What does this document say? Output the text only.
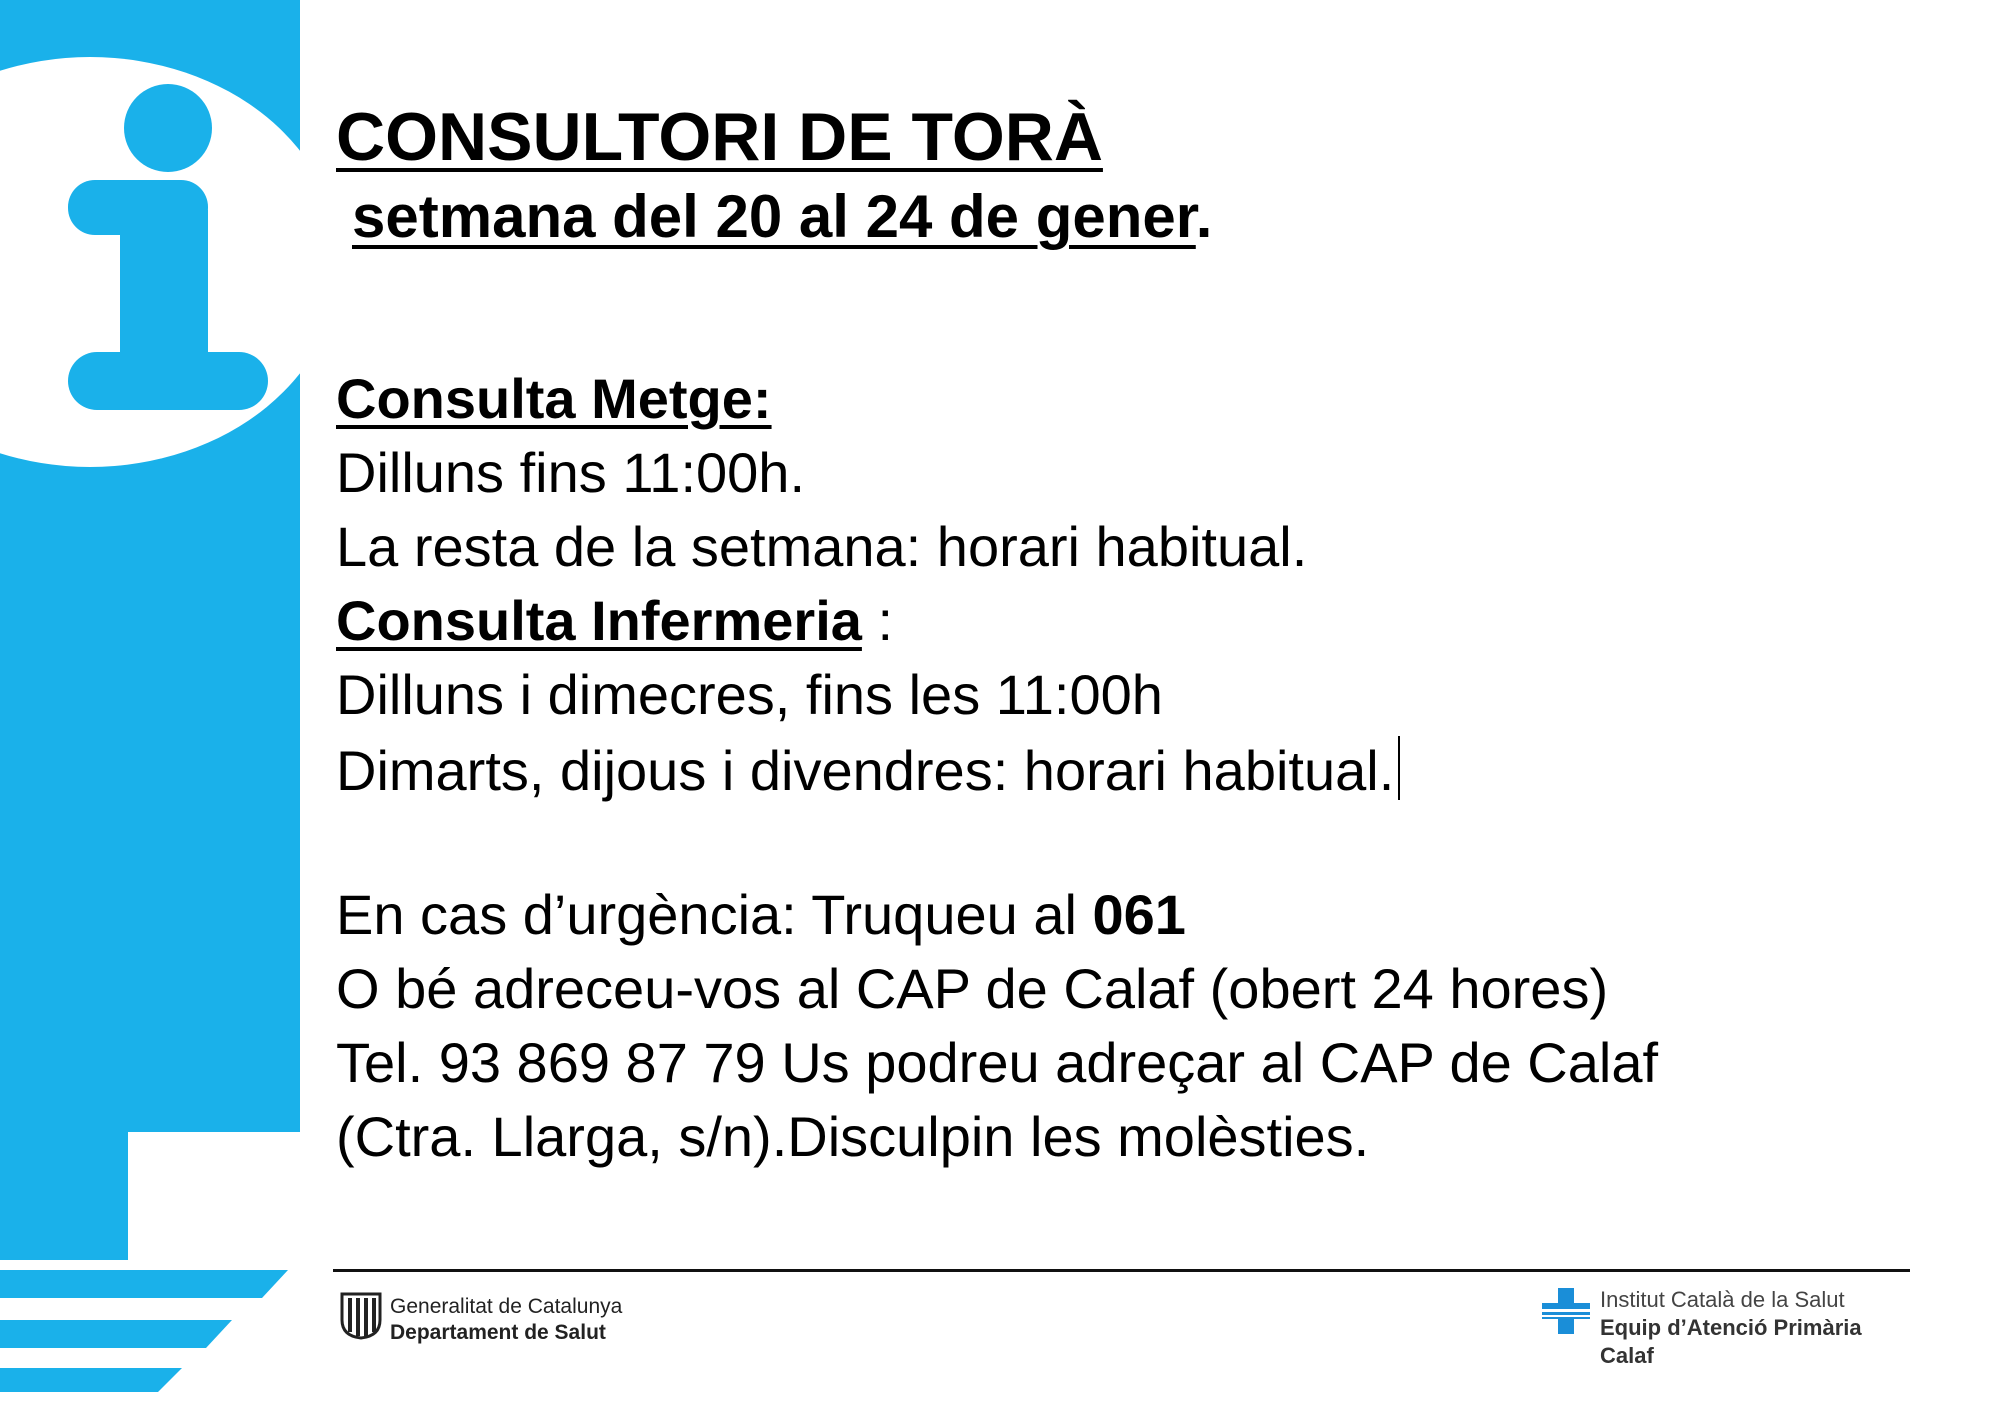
CONSULTORI DE TORÀ
setmana del 20 al 24 de gener.
Consulta Metge:
Dilluns fins 11:00h.
La resta de la setmana: horari habitual.
Consulta Infermeria :
Dilluns i dimecres, fins les 11:00h
Dimarts, dijous i divendres: horari habitual.
En cas d’urgència: Truqueu al 061
O bé adreceu-vos al CAP de Calaf (obert 24 hores)
Tel. 93 869 87 79 Us podreu adreçar al CAP de Calaf
(Ctra. Llarga, s/n).Disculpin les molèsties.
Generalitat de Catalunya
Departament de Salut
Institut Català de la Salut
Equip d’Atenció Primària
Calaf
